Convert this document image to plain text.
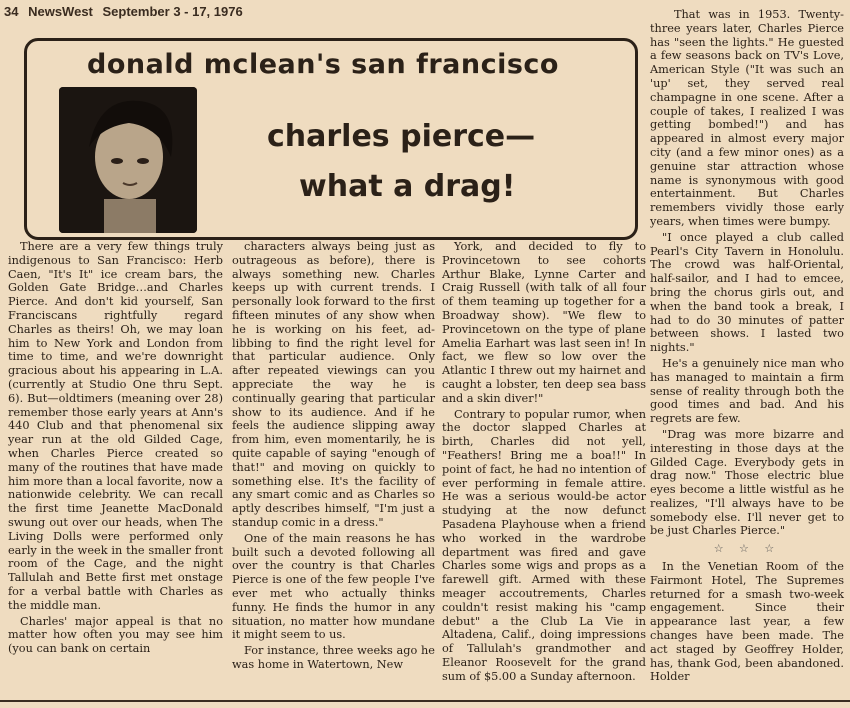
34 NewsWest September 3 - 17, 1976
donald mclean's san francisco
charles pierce—
what a drag!

There are a very few things truly indigenous to San Francisco: Herb Caen, "It's It" ice cream bars, the Golden Gate Bridge…and Charles Pierce. And don't kid yourself, San Franciscans rightfully regard Charles as theirs! Oh, we may loan him to New York and London from time to time, and we're downright gracious about his appearing in L.A. (currently at Studio One thru Sept. 6). But—oldtimers (meaning over 28) remember those early years at Ann's 440 Club and that phenomenal six year run at the old Gilded Cage, when Charles Pierce created so many of the routines that have made him more than a local favorite, now a nationwide celebrity. We can recall the first time Jeanette MacDonald swung out over our heads, when The Living Dolls were performed only early in the week in the smaller front room of the Cage, and the night Tallulah and Bette first met onstage for a verbal battle with Charles as the middle man.

Charles' major appeal is that no matter how often you may see him (you can bank on certain

characters always being just as outrageous as before), there is always something new. Charles keeps up with current trends. I personally look forward to the first fifteen minutes of any show when he is working on his feet, ad-libbing to find the right level for that particular audience. Only after repeated viewings can you appreciate the way he is continually gearing that particular show to its audience. And if he feels the audience slipping away from him, even momentarily, he is quite capable of saying "enough of that!" and moving on quickly to something else. It's the facility of any smart comic and as Charles so aptly describes himself, "I'm just a standup comic in a dress."

One of the main reasons he has built such a devoted following all over the country is that Charles Pierce is one of the few people I've ever met who actually thinks funny. He finds the humor in any situation, no matter how mundane it might seem to us.

For instance, three weeks ago he was home in Watertown, New

York, and decided to fly to Provincetown to see cohorts Arthur Blake, Lynne Carter and Craig Russell (with talk of all four of them teaming up together for a Broadway show). "We flew to Provincetown on the type of plane Amelia Earhart was last seen in! In fact, we flew so low over the Atlantic I threw out my hairnet and caught a lobster, ten deep sea bass and a skin diver!"

Contrary to popular rumor, when the doctor slapped Charles at birth, Charles did not yell, "Feathers! Bring me a boa!!" In point of fact, he had no intention of ever performing in female attire. He was a serious would-be actor studying at the now defunct Pasadena Playhouse when a friend who worked in the wardrobe department was fired and gave Charles some wigs and props as a farewell gift. Armed with these meager accoutrements, Charles couldn't resist making his "camp debut" a the Club La Vie in Altadena, Calif., doing impressions of Tallulah's grandmother and Eleanor Roosevelt for the grand sum of $5.00 a Sunday afternoon.

That was in 1953. Twenty-three years later, Charles Pierce has "seen the lights." He guested a few seasons back on TV's Love, American Style ("It was such an 'up' set, they served real champagne in one scene. After a couple of takes, I realized I was getting bombed!") and has appeared in almost every major city (and a few minor ones) as a genuine star attraction whose name is synonymous with good entertainment. But Charles remembers vividly those early years, when times were bumpy.

"I once played a club called Pearl's City Tavern in Honolulu. The crowd was half-Oriental, half-sailor, and I had to emcee, bring the chorus girls out, and when the band took a break, I had to do 30 minutes of patter between shows. I lasted two nights."

He's a genuinely nice man who has managed to maintain a firm sense of reality through both the good times and bad. And his regrets are few.

"Drag was more bizarre and interesting in those days at the Gilded Cage. Everybody gets in drag now." Those electric blue eyes become a little wistful as he realizes, "I'll always have to be somebody else. I'll never get to be just Charles Pierce."

☆ ☆ ☆

In the Venetian Room of the Fairmont Hotel, The Supremes returned for a smash two-week engagement. Since their appearance last year, a few changes have been made. The act staged by Geoffrey Holder, has, thank God, been abandoned. Holder
